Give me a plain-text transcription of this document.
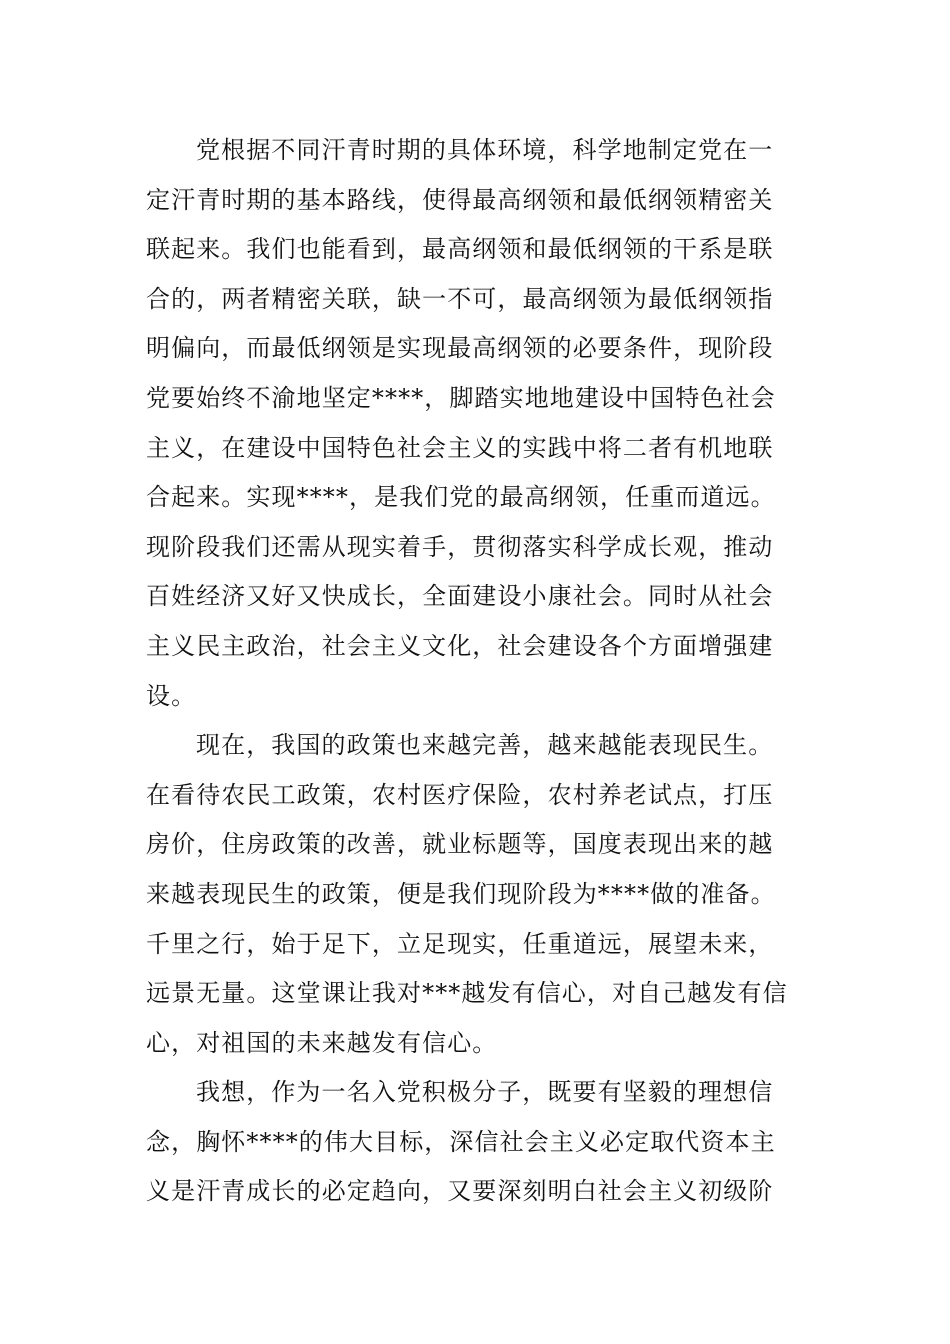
党根据不同汗青时期的具体环境，科学地制定党在一
定汗青时期的基本路线，使得最高纲领和最低纲领精密关
联起来。我们也能看到，最高纲领和最低纲领的干系是联
合的，两者精密关联，缺一不可，最高纲领为最低纲领指
明偏向，而最低纲领是实现最高纲领的必要条件，现阶段
党要始终不渝地坚定****，脚踏实地地建设中国特色社会
主义，在建设中国特色社会主义的实践中将二者有机地联
合起来。实现****，是我们党的最高纲领，任重而道远。
现阶段我们还需从现实着手，贯彻落实科学成长观，推动
百姓经济又好又快成长，全面建设小康社会。同时从社会
主义民主政治，社会主义文化，社会建设各个方面增强建
设。
现在，我国的政策也来越完善，越来越能表现民生。
在看待农民工政策，农村医疗保险，农村养老试点，打压
房价，住房政策的改善，就业标题等，国度表现出来的越
来越表现民生的政策，便是我们现阶段为****做的准备。
千里之行，始于足下，立足现实，任重道远，展望未来，
远景无量。这堂课让我对***越发有信心，对自己越发有信
心，对祖国的未来越发有信心。
我想，作为一名入党积极分子，既要有坚毅的理想信
念，胸怀****的伟大目标，深信社会主义必定取代资本主
义是汗青成长的必定趋向，又要深刻明白社会主义初级阶
